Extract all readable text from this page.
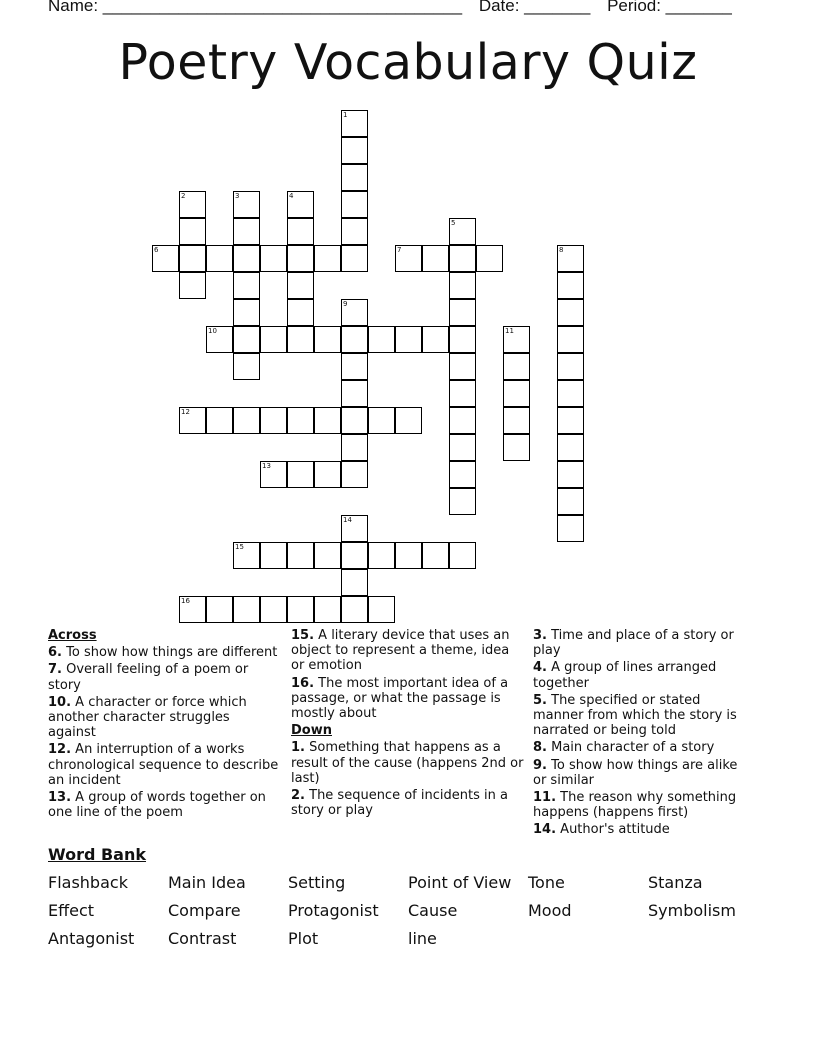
Name: ______________________________________ Date: _______ Period: _______
Poetry Vocabulary Quiz
1
2	3	4
5
6	7	8
9
10	11
12
13
14
15
16
Across
6. To show how things are different
7. Overall feeling of a poem or story
10. A character or force which another character struggles against
12. An interruption of a works chronological sequence to describe an incident
13. A group of words together on one line of the poem
15. A literary device that uses an object to represent a theme, idea or emotion
16. The most important idea of a passage, or what the passage is mostly about
Down
1. Something that happens as a result of the cause (happens 2nd or last)
2. The sequence of incidents in a story or play
3. Time and place of a story or play
4. A group of lines arranged together
5. The specified or stated manner from which the story is narrated or being told
8. Main character of a story
9. To show how things are alike or similar
11. The reason why something happens (happens first)
14. Author's attitude
Word Bank
Flashback	Main Idea	Setting	Point of View	Tone	Stanza
Effect	Compare	Protagonist	Cause	Mood	Symbolism
Antagonist	Contrast	Plot	line
